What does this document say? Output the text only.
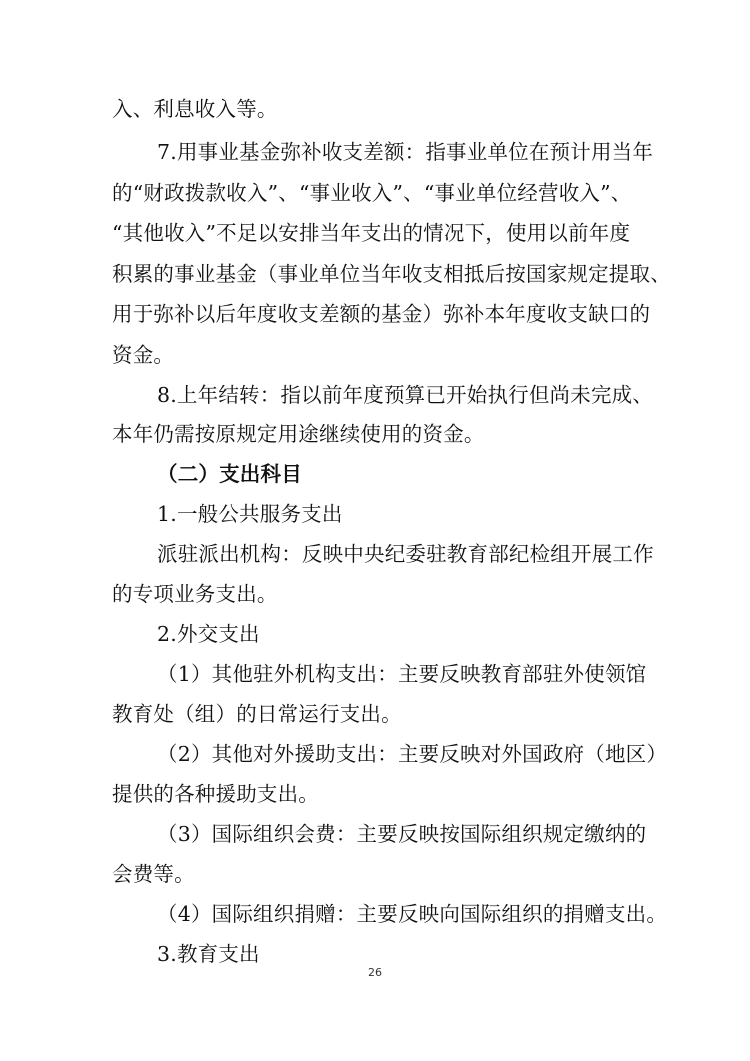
入、利息收入等。
7.用事业基金弥补收支差额：指事业单位在预计用当年
的“财政拨款收入”、“事业收入”、“事业单位经营收入”、
“其他收入”不足以安排当年支出的情况下，使用以前年度
积累的事业基金（事业单位当年收支相抵后按国家规定提取、
用于弥补以后年度收支差额的基金）弥补本年度收支缺口的
资金。
8.上年结转：指以前年度预算已开始执行但尚未完成、
本年仍需按原规定用途继续使用的资金。
（二）支出科目
1.一般公共服务支出
派驻派出机构：反映中央纪委驻教育部纪检组开展工作
的专项业务支出。
2.外交支出
（1）其他驻外机构支出：主要反映教育部驻外使领馆
教育处（组）的日常运行支出。
（2）其他对外援助支出：主要反映对外国政府（地区）
提供的各种援助支出。
（3）国际组织会费：主要反映按国际组织规定缴纳的
会费等。
（4）国际组织捐赠：主要反映向国际组织的捐赠支出。
3.教育支出
26
